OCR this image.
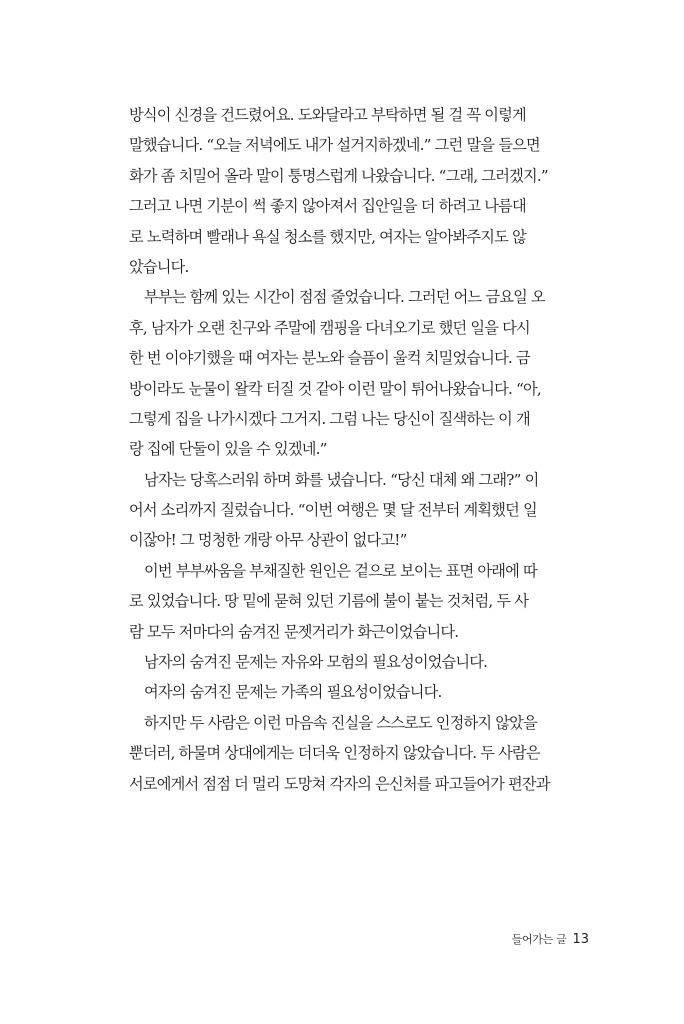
방식이 신경을 건드렸어요. 도와달라고 부탁하면 될 걸 꼭 이렇게
말했습니다. “오늘 저녁에도 내가 설거지하겠네.” 그런 말을 들으면
화가 좀 치밀어 올라 말이 퉁명스럽게 나왔습니다. “그래, 그러겠지.”
그러고 나면 기분이 썩 좋지 않아져서 집안일을 더 하려고 나름대
로 노력하며 빨래나 욕실 청소를 했지만, 여자는 알아봐주지도 않
았습니다.
부부는 함께 있는 시간이 점점 줄었습니다. 그러던 어느 금요일 오
후, 남자가 오랜 친구와 주말에 캠핑을 다녀오기로 했던 일을 다시
한 번 이야기했을 때 여자는 분노와 슬픔이 울컥 치밀었습니다. 금
방이라도 눈물이 왈칵 터질 것 같아 이런 말이 튀어나왔습니다. “아,
그렇게 집을 나가시겠다 그거지. 그럼 나는 당신이 질색하는 이 개
랑 집에 단둘이 있을 수 있겠네.”
남자는 당혹스러워 하며 화를 냈습니다. “당신 대체 왜 그래?” 이
어서 소리까지 질렀습니다. “이번 여행은 몇 달 전부터 계획했던 일
이잖아! 그 멍청한 개랑 아무 상관이 없다고!”
이번 부부싸움을 부채질한 원인은 겉으로 보이는 표면 아래에 따
로 있었습니다. 땅 밑에 묻혀 있던 기름에 불이 붙는 것처럼, 두 사
람 모두 저마다의 숨겨진 문젯거리가 화근이었습니다.
남자의 숨겨진 문제는 자유와 모험의 필요성이었습니다.
여자의 숨겨진 문제는 가족의 필요성이었습니다.
하지만 두 사람은 이런 마음속 진실을 스스로도 인정하지 않았을
뿐더러, 하물며 상대에게는 더더욱 인정하지 않았습니다. 두 사람은
서로에게서 점점 더 멀리 도망쳐 각자의 은신처를 파고들어가 편잔과
들어가는 글 13
